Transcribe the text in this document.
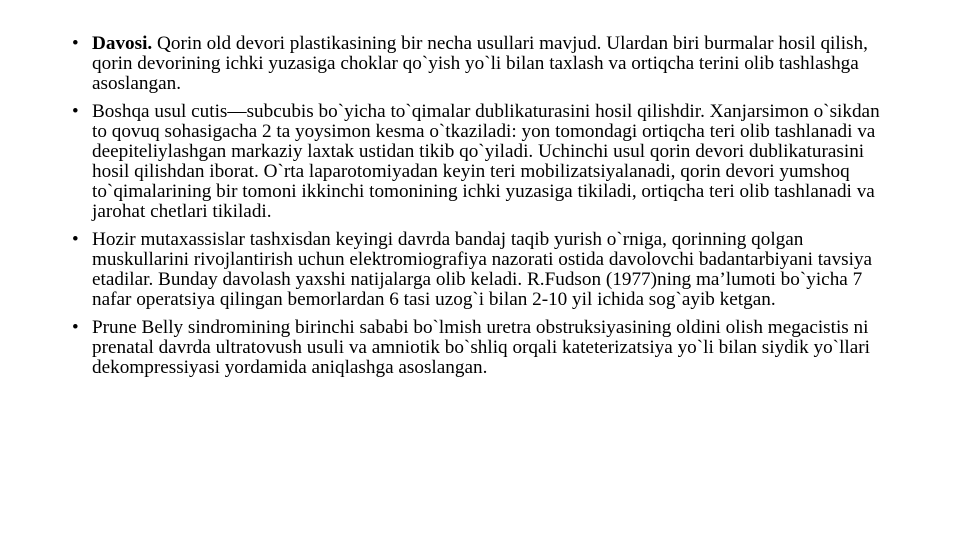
• Davosi. Qorin old devori plastikasining bir necha usullari mavjud. Ulardan biri burmalar hosil qilish, qorin devorining ichki yuzasiga choklar qo`yish yo`li bilan taxlash va ortiqcha terini olib tashlashga asoslangan.
• Boshqa usul cutis—subcubis bo`yicha to`qimalar dublikaturasini hosil qilishdir. Xanjarsimon o`sikdan to qovuq sohasigacha 2 ta yoysimon kesma o`tkaziladi: yon tomondagi ortiqcha teri olib tashlanadi va deepiteliylashgan markaziy laxtak ustidan tikib qo`yiladi. Uchinchi usul qorin devori dublikaturasini hosil qilishdan iborat. O`rta laparotomiyadan keyin teri mobilizatsiyalanadi, qorin devori yumshoq to`qimalarining bir tomoni ikkinchi tomonining ichki yuzasiga tikiladi, ortiqcha teri olib tashlanadi va jarohat chetlari tikiladi.
• Hozir mutaxassislar tashxisdan keyingi davrda bandaj taqib yurish o`rniga, qorinning qolgan muskullarini rivojlantirish uchun elektromiografiya nazorati ostida davolovchi badantarbiyani tavsiya etadilar. Bunday davolash yaxshi natijalarga olib keladi. R.Fudson (1977)ning ma’lumoti bo`yicha 7 nafar operatsiya qilingan bemorlardan 6 tasi uzog`i bilan 2-10 yil ichida sog`ayib ketgan.
• Prune Belly sindromining birinchi sababi bo`lmish uretra obstruksiyasining oldini olish megacistis ni prenatal davrda ultratovush usuli va amniotik bo`shliq orqali kateterizatsiya yo`li bilan siydik yo`llari dekompressiyasi yordamida aniqlashga asoslangan.
